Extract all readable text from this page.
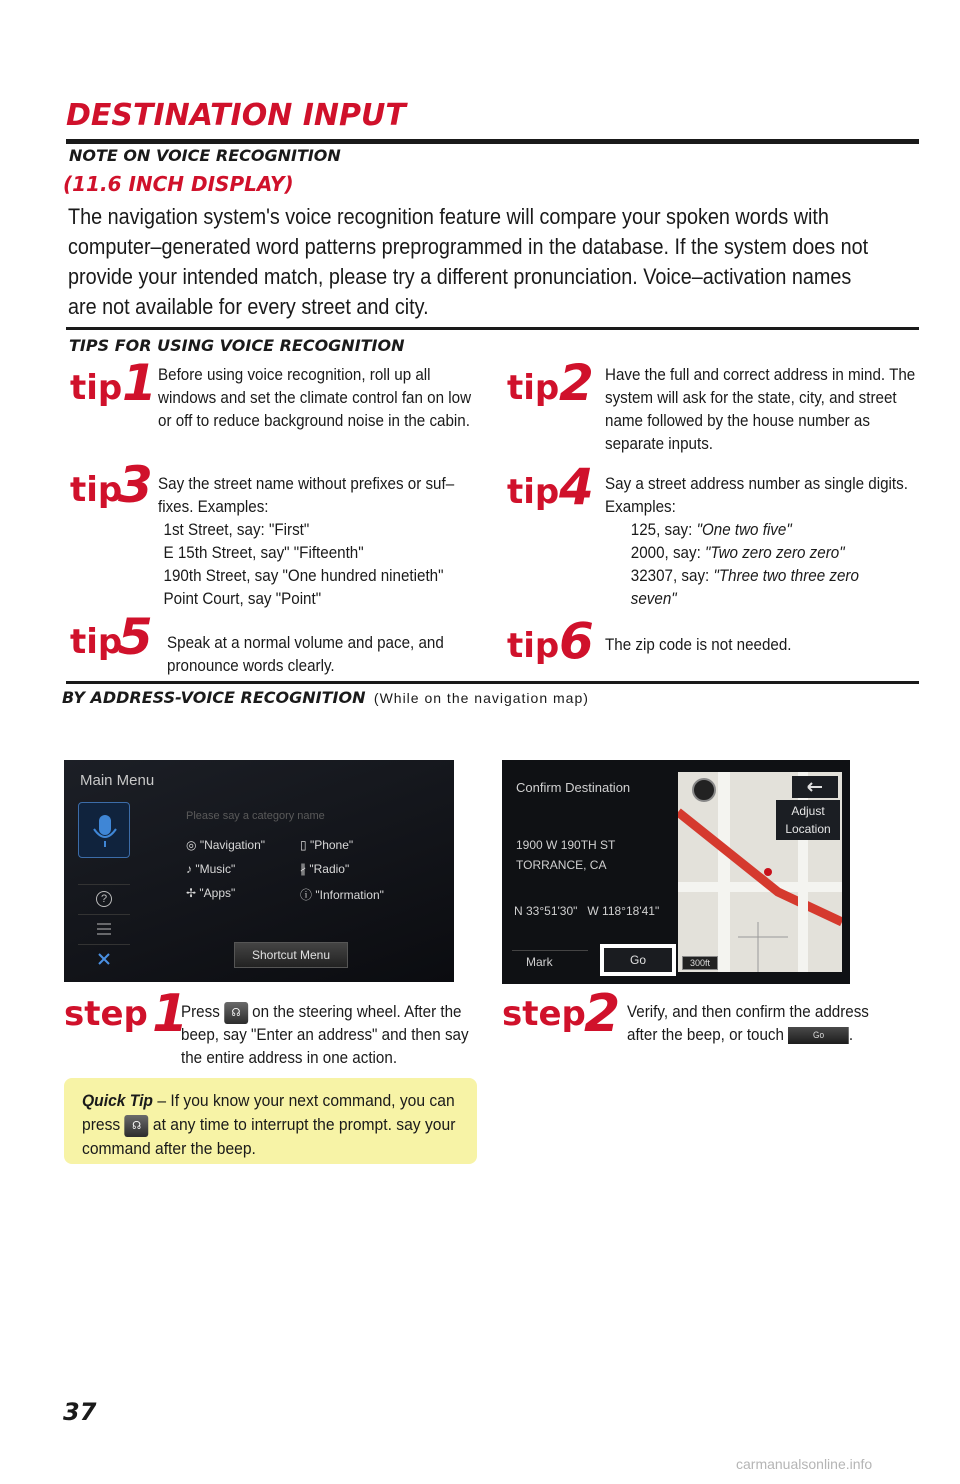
DESTINATION INPUT
NOTE ON VOICE RECOGNITION
(11.6 INCH DISPLAY)
The navigation system's voice recognition feature will compare your spoken words with computer–generated word patterns preprogrammed in the database. If the system does not provide your intended match, please try a different pronunciation. Voice–activation names are not available for every street and city.
TIPS FOR USING VOICE RECOGNITION
tip 1 Before using voice recognition, roll up all windows and set the climate control fan on low or off to reduce background noise in the cabin.
tip 2 Have the full and correct address in mind. The system will ask for the state, city, and street name followed by the house number as separate inputs.
tip
3 Say the street name without prefixes or suf–fixes. Examples:
1st Street, say: "First"
E 15th Street, say" "Fifteenth"
190th Street, say "One hundred ninetieth"
Point Court, say "Point"
tip 4 Say a street address number as single digits. Examples:
125, say: "One two five"
2000, say: "Two zero zero zero"
32307, say: "Three two three zero seven"
tip
5 Speak at a normal volume and pace, and pronounce words clearly.	tip 6 The zip code is not needed.
BY ADDRESS-VOICE RECOGNITION (While on the navigation map)
Main Menu
?
Please say a category name
◎ "Navigation"	▯ "Phone"
♪ "Music"	∦ "Radio"
✢ "Apps"	ⓘ "Information"
Shortcut Menu
Confirm Destination
1900 W 190TH ST
TORRANCE, CA
N 33°51'30"   W 118°18'41"
Mark
Adjust
Location
Go	300ft
step 1
Press ☊ on the steering wheel. After the beep, say "Enter an address" and then say the entire address in one action.
step
2 Verify, and then confirm the address after the beep, or touch	Go .
Quick Tip – If you know your next command, you can press ☊ at any time to interrupt the prompt. say your command after the beep.
37
carmanualsonline.info
